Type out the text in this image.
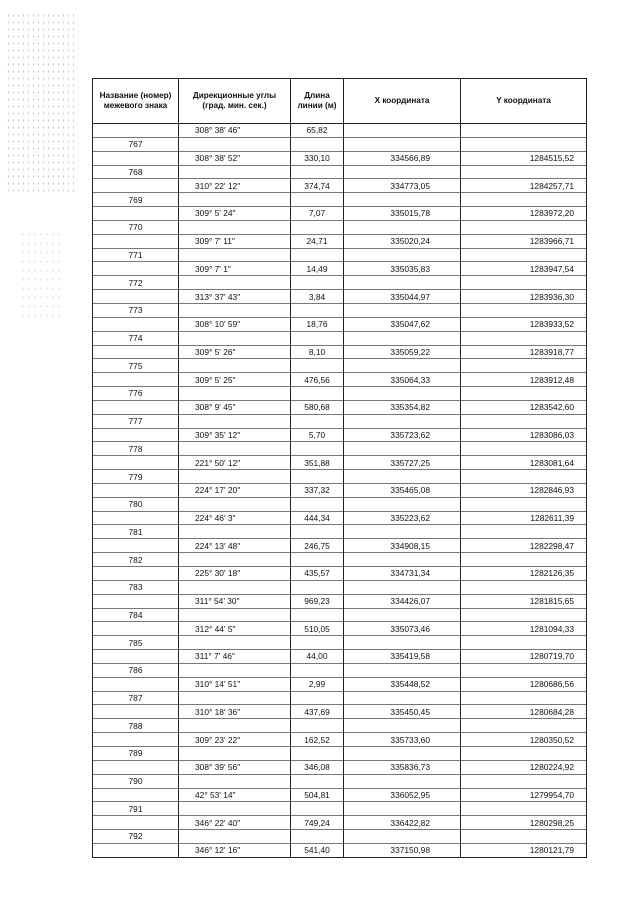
Название (номер) межевого знака	Дирекционные углы (град. мин. сек.)	Длина линии (м)	X координата	Y координата
	308° 38' 46"	65,82		
767				
	308° 38' 52"	330,10	334566,89	1284515,52
768				
	310° 22' 12"	374,74	334773,05	1284257,71
769				
	309° 5' 24"	7,07	335015,78	1283972,20
770				
	309° 7' 11"	24,71	335020,24	1283966,71
771				
	309° 7' 1"	14,49	335035,83	1283947,54
772				
	313° 37' 43"	3,84	335044,97	1283936,30
773				
	308° 10' 59"	18,76	335047,62	1283933,52
774				
	309° 5' 26"	8,10	335059,22	1283918,77
775				
	309° 5' 25"	476,56	335064,33	1283912,48
776				
	308° 9' 45"	580,68	335354,82	1283542,60
777				
	309° 35' 12"	5,70	335723,62	1283086,03
778				
	221° 50' 12"	351,88	335727,25	1283081,64
779				
	224° 17' 20"	337,32	335465,08	1282846,93
780				
	224° 46' 3"	444,34	335223,62	1282611,39
781				
	224° 13' 48"	246,75	334908,15	1282298,47
782				
	225° 30' 18"	435,57	334731,34	1282126,35
783				
	311° 54' 30"	969,23	334426,07	1281815,65
784				
	312° 44' 5"	510,05	335073,46	1281094,33
785				
	311° 7' 46"	44,00	335419,58	1280719,70
786				
	310° 14' 51"	2,99	335448,52	1280686,56
787				
	310° 18' 36"	437,69	335450,45	1280684,28
788				
	309° 23' 22"	162,52	335733,60	1280350,52
789				
	308° 39' 56"	346,08	335836,73	1280224,92
790				
	42° 53' 14"	504,81	336052,95	1279954,70
791				
	346° 22' 40"	749,24	336422,82	1280298,25
792				
	346° 12' 16"	541,40	337150,98	1280121,79
